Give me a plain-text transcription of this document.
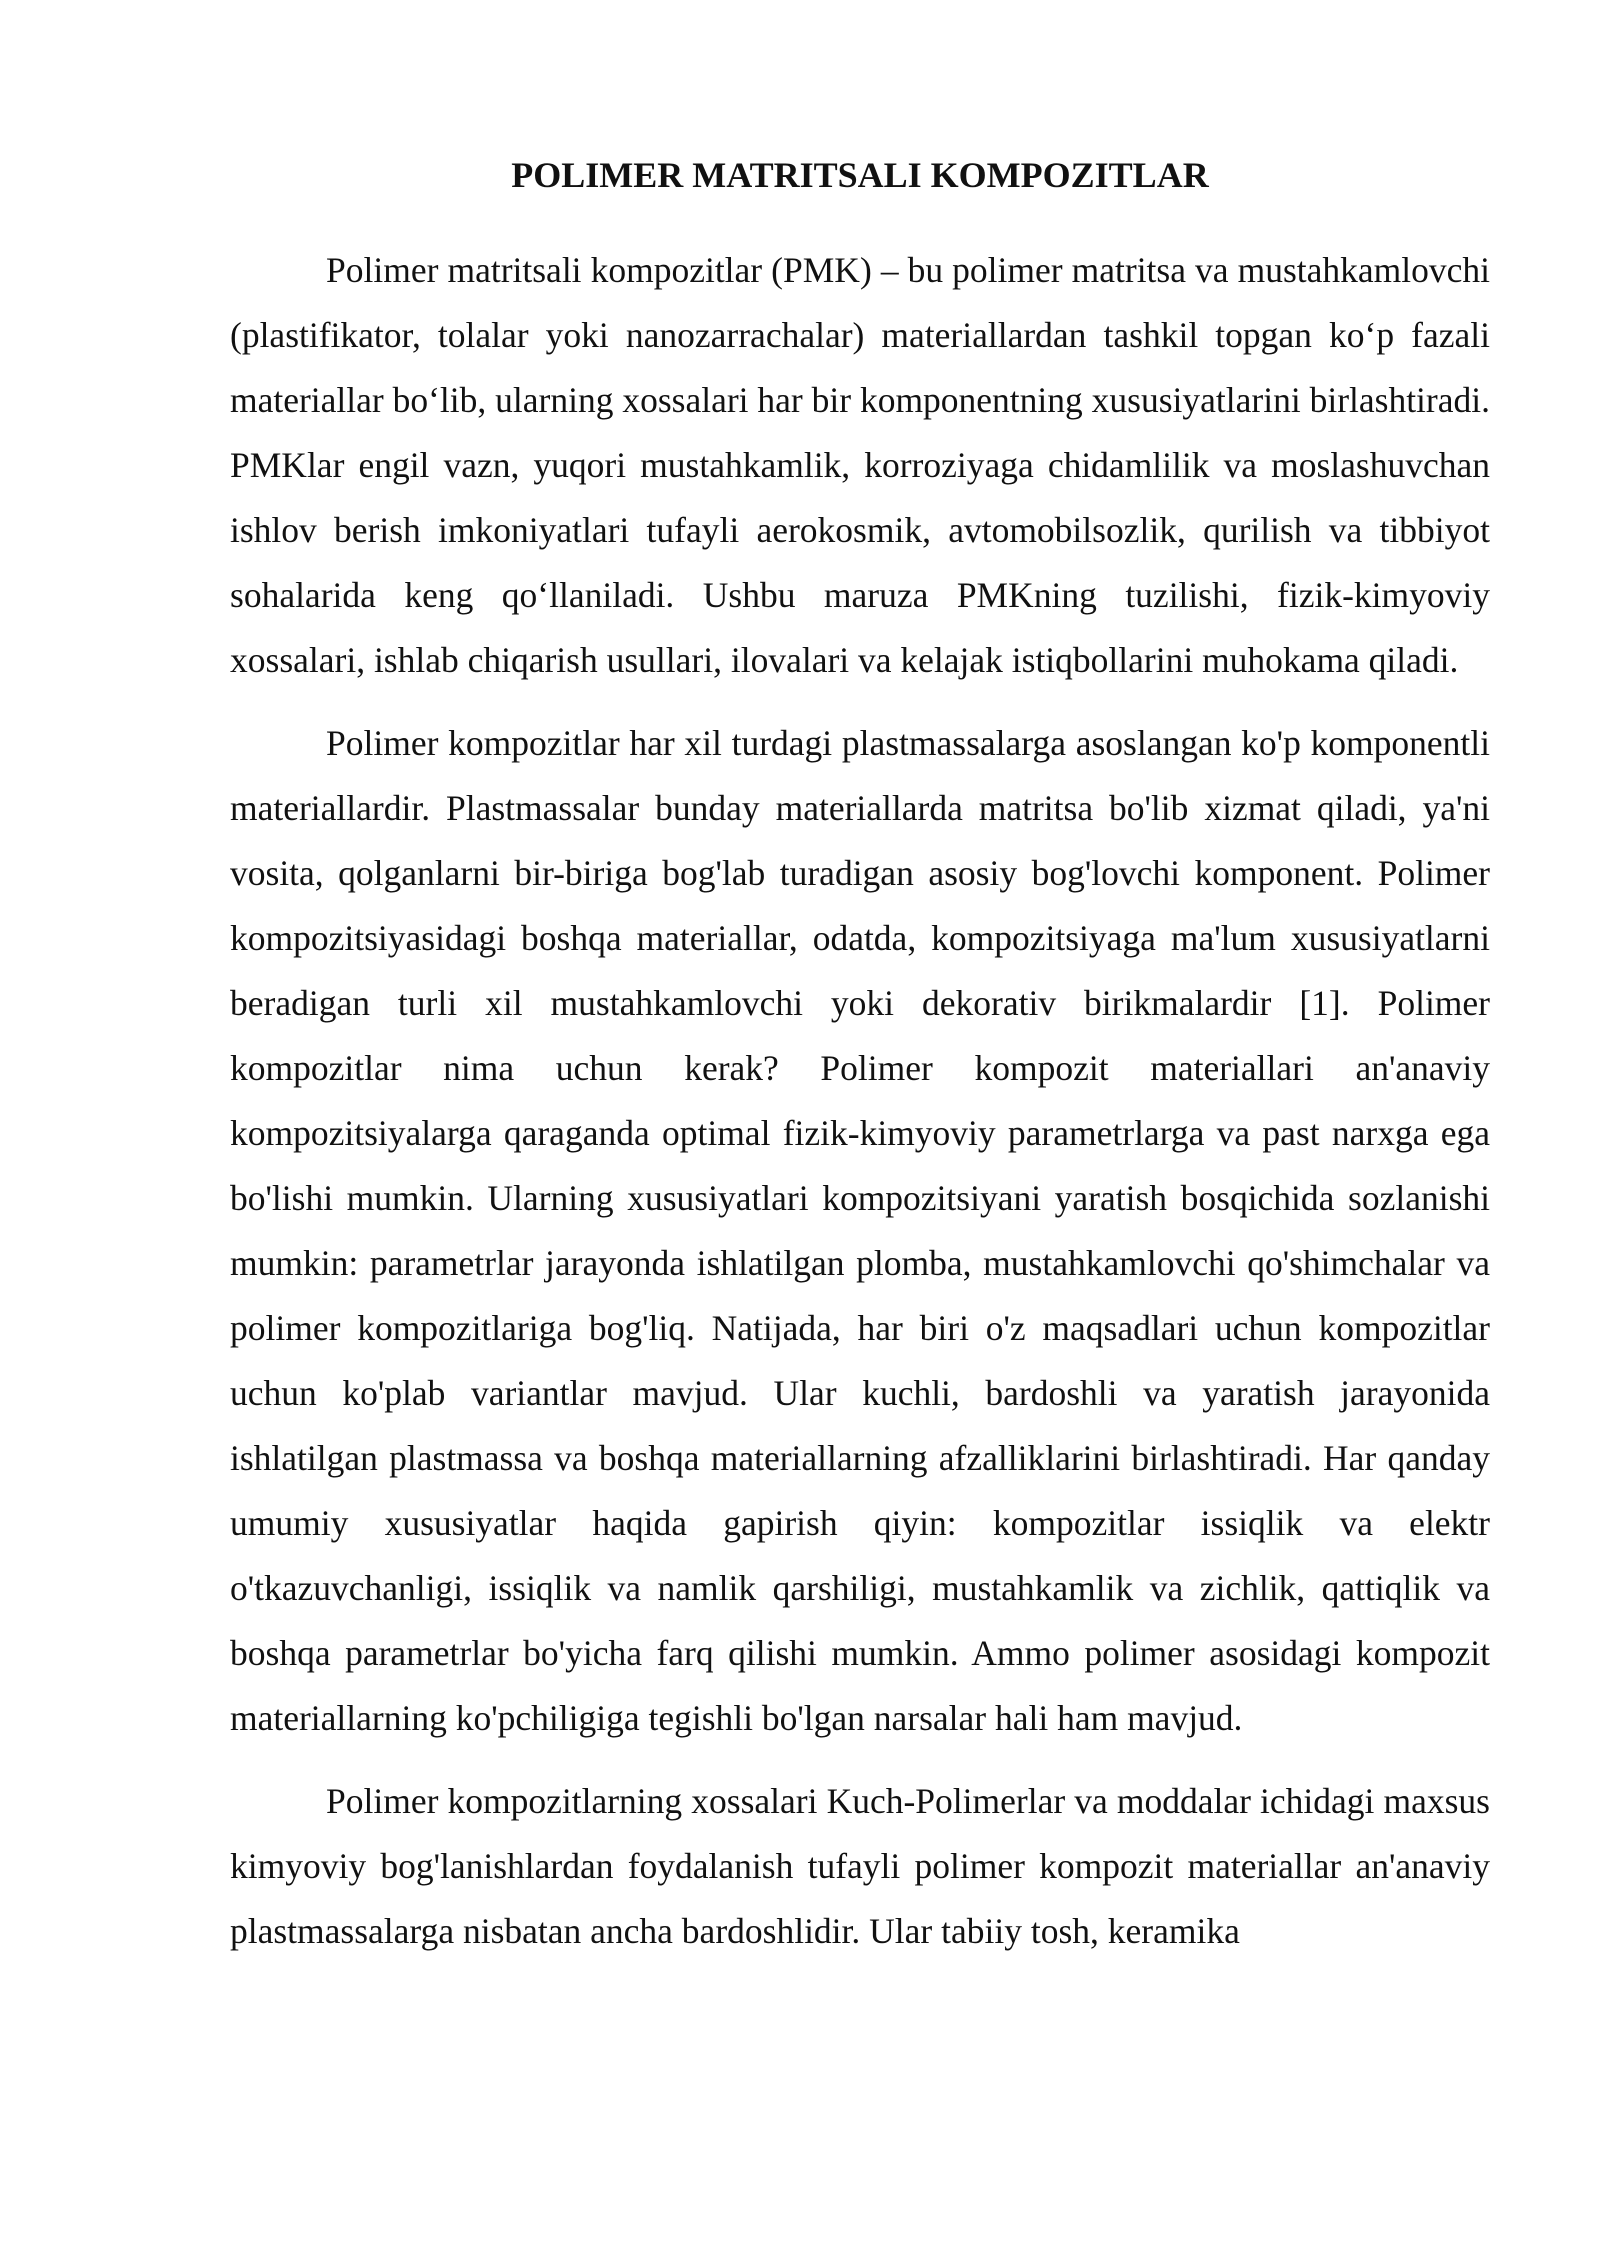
POLIMER MATRITSALI KOMPOZITLAR

Polimer matritsali kompozitlar (PMK) – bu polimer matritsa va mustahkamlovchi (plastifikator, tolalar yoki nanozarrachalar) materiallardan tashkil topgan ko‘p fazali materiallar bo‘lib, ularning xossalari har bir komponentning xususiyatlarini birlashtiradi. PMKlar engil vazn, yuqori mustahkamlik, korroziyaga chidamlilik va moslashuvchan ishlov berish imkoniyatlari tufayli aerokosmik, avtomobilsozlik, qurilish va tibbiyot sohalarida keng qo‘llaniladi. Ushbu maruza PMKning tuzilishi, fizik-kimyoviy xossalari, ishlab chiqarish usullari, ilovalari va kelajak istiqbollarini muhokama qiladi.

Polimer kompozitlar har xil turdagi plastmassalarga asoslangan ko'p komponentli materiallardir. Plastmassalar bunday materiallarda matritsa bo'lib xizmat qiladi, ya'ni vosita, qolganlarni bir-biriga bog'lab turadigan asosiy bog'lovchi komponent. Polimer kompozitsiyasidagi boshqa materiallar, odatda, kompozitsiyaga ma'lum xususiyatlarni beradigan turli xil mustahkamlovchi yoki dekorativ birikmalardir [1]. Polimer kompozitlar nima uchun kerak? Polimer kompozit materiallari an'anaviy kompozitsiyalarga qaraganda optimal fizik-kimyoviy parametrlarga va past narxga ega bo'lishi mumkin. Ularning xususiyatlari kompozitsiyani yaratish bosqichida sozlanishi mumkin: parametrlar jarayonda ishlatilgan plomba, mustahkamlovchi qo'shimchalar va polimer kompozitlariga bog'liq. Natijada, har biri o'z maqsadlari uchun kompozitlar uchun ko'plab variantlar mavjud. Ular kuchli, bardoshli va yaratish jarayonida ishlatilgan plastmassa va boshqa materiallarning afzalliklarini birlashtiradi. Har qanday umumiy xususiyatlar haqida gapirish qiyin: kompozitlar issiqlik va elektr o'tkazuvchanligi, issiqlik va namlik qarshiligi, mustahkamlik va zichlik, qattiqlik va boshqa parametrlar bo'yicha farq qilishi mumkin. Ammo polimer asosidagi kompozit materiallarning ko'pchiligiga tegishli bo'lgan narsalar hali ham mavjud.

Polimer kompozitlarning xossalari Kuch-Polimerlar va moddalar ichidagi maxsus kimyoviy bog'lanishlardan foydalanish tufayli polimer kompozit materiallar an'anaviy plastmassalarga nisbatan ancha bardoshlidir. Ular tabiiy tosh, keramika
